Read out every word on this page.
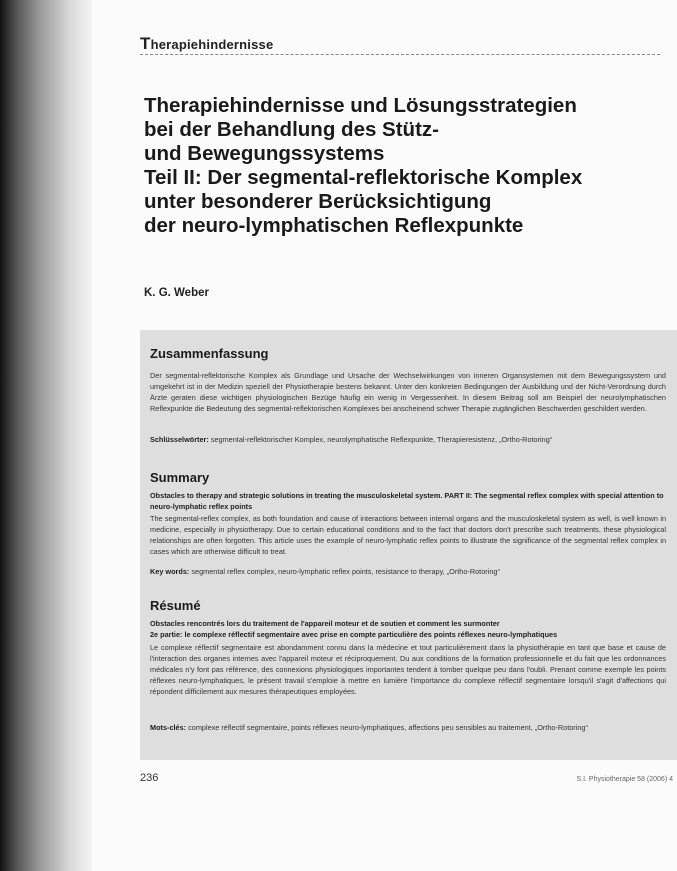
Therapiehindernisse
Therapiehindernisse und Lösungsstrategien
bei der Behandlung des Stütz-
und Bewegungssystems
Teil II: Der segmental-reflektorische Komplex
unter besonderer Berücksichtigung
der neuro-lymphatischen Reflexpunkte
K. G. Weber
Zusammenfassung
Der segmental-reflektorische Komplex als Grundlage und Ursache der Wechselwirkungen von inneren Organsystemen mit dem Bewegungssystem und umgekehrt ist in der Medizin speziell der Physiotherapie bestens bekannt. Unter den konkreten Bedingungen der Ausbildung und der Nicht-Verordnung durch Ärzte geraten diese wichtigen physiologischen Bezüge häufig ein wenig in Vergessenheit. In diesem Beitrag soll am Beispiel der neurolymphatischen Reflexpunkte die Bedeutung des segmental-reflektorischen Komplexes bei anscheinend schwer Therapie zugänglichen Beschwerden geschildert werden.
Schlüsselwörter: segmental-reflektorischer Komplex, neurolymphatische Reflexpunkte, Therapieresistenz, „Ortho-Rotoring“
Summary
Obstacles to therapy and strategic solutions in treating the musculoskeletal system. PART II: The segmental reflex complex with special attention to neuro-lymphatic reflex points
The segmental-reflex complex, as both foundation and cause of interactions between internal organs and the musculoskeletal system as well, is well known in medicine, especially in physiotherapy. Due to certain educational conditions and to the fact that doctors don't prescribe such treatments, these physiological relationships are often forgotten. This article uses the example of neuro-lymphatic reflex points to illustrate the significance of the segmental reflex complex in cases which are otherwise difficult to treat.
Key words: segmental reflex complex, neuro-lymphatic reflex points, resistance to therapy, „Ortho-Rotoring“
Résumé
Obstacles rencontrés lors du traitement de l'appareil moteur et de soutien et comment les surmonter
2e partie: le complexe réflectif segmentaire avec prise en compte particulière des points réflexes neuro-lymphatiques
Le complexe réflectif segmentaire est abondamment connu dans la médecine et tout particulièrement dans la physiothérapie en tant que base et cause de l'interaction des organes internes avec l'appareil moteur et réciproquement. Du aux conditions de la formation professionnelle et du fait que les ordonnances médicales n'y font pas référence, des connexions physiologiques importantes tendent à tomber quelque peu dans l'oubli. Prenant comme exemple les points réflexes neuro-lymphatiques, le présent travail s'emploie à mettre en lumière l'importance du complexe réflectif segmentaire lorsqu'il s'agit d'affections qui répondent difficilement aux mesures thérapeutiques employées.
Mots-clés: complexe réflectif segmentaire, points réflexes neuro-lymphatiques, affections peu sensibles au traitement, „Ortho-Rotoring“
236	S.I. Physiotherapie 58 (2006) 4
